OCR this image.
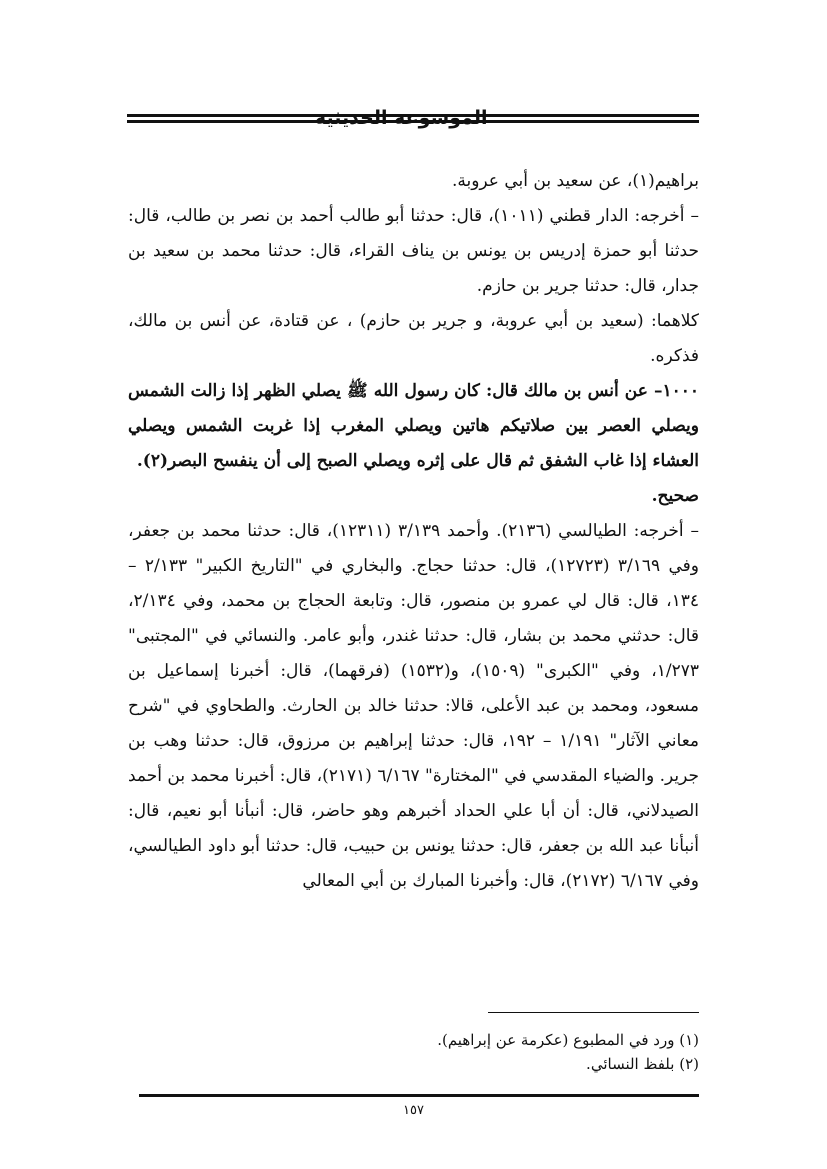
الموسوعة الحديثية

براهيم(١)، عن سعيد بن أبي عروبة.

– أخرجه: الدار قطني (١٠١١)، قال: حدثنا أبو طالب أحمد بن نصر بن طالب، قال: حدثنا أبو حمزة إدريس بن يونس بن يناف القراء، قال: حدثنا محمد بن سعيد بن جدار، قال: حدثنا جرير بن حازم.

كلاهما: (سعيد بن أبي عروبة، و جرير بن حازم) ، عن قتادة، عن أنس بن مالك، فذكره.

١٠٠٠– عن أنس بن مالك قال: كان رسول الله ﷺ يصلي الظهر إذا زالت الشمس ويصلي العصر بين صلاتيكم هاتين ويصلي المغرب إذا غربت الشمس ويصلي العشاء إذا غاب الشفق ثم قال على إثره ويصلي الصبح إلى أن ينفسح البصر(٢).

صحيح.

– أخرجه: الطيالسي (٢١٣٦). وأحمد ٣/١٣٩ (١٢٣١١)، قال: حدثنا محمد بن جعفر، وفي ٣/١٦٩ (١٢٧٢٣)، قال: حدثنا حجاج. والبخاري في "التاريخ الكبير" ٢/١٣٣ – ١٣٤، قال: قال لي عمرو بن منصور، قال: وتابعة الحجاج بن محمد، وفي ٢/١٣٤، قال: حدثني محمد بن بشار، قال: حدثنا غندر، وأبو عامر. والنسائي في "المجتبى" ١/٢٧٣، وفي "الكبرى" (١٥٠٩)، و(١٥٣٢) (فرقهما)، قال: أخبرنا إسماعيل بن مسعود، ومحمد بن عبد الأعلى، قالا: حدثنا خالد بن الحارث. والطحاوي في "شرح معاني الآثار" ١/١٩١ – ١٩٢، قال: حدثنا إبراهيم بن مرزوق، قال: حدثنا وهب بن جرير. والضياء المقدسي في "المختارة" ٦/١٦٧ (٢١٧١)، قال: أخبرنا محمد بن أحمد الصيدلاني، قال: أن أبا علي الحداد أخبرهم وهو حاضر، قال: أنبأنا أبو نعيم، قال: أنبأنا عبد الله بن جعفر، قال: حدثنا يونس بن حبيب، قال: حدثنا أبو داود الطيالسي، وفي ٦/١٦٧ (٢١٧٢)، قال: وأخبرنا المبارك بن أبي المعالي

(١) ورد في المطبوع (عكرمة عن إبراهيم).

(٢) بلفظ النسائي.

١٥٧
